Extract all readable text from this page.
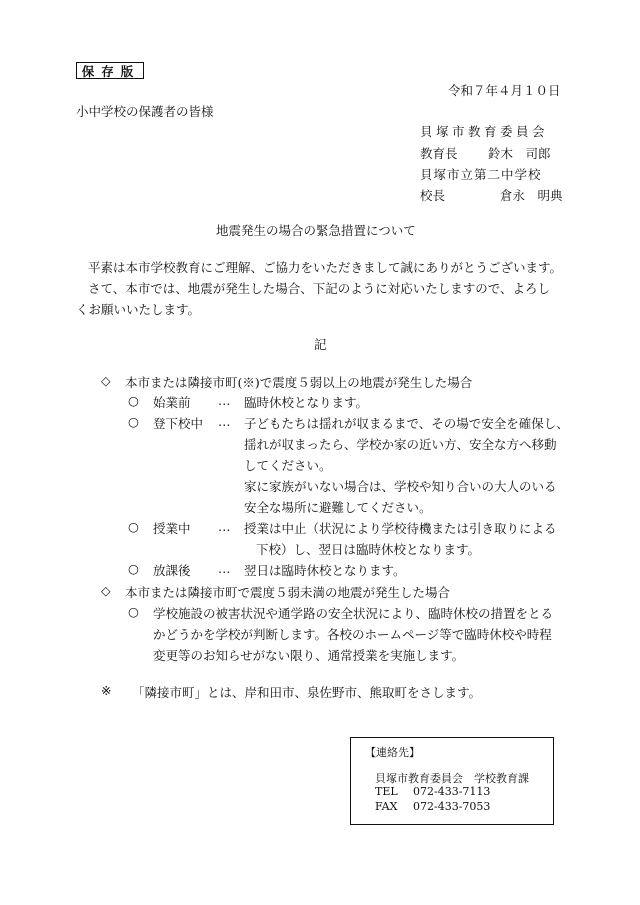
保存版
令和７年４月１０日
小中学校の保護者の皆様
貝塚市教育委員会
教育長 鈴木　司郎
貝塚市立第二中学校
校長	倉永　明典
地震発生の場合の緊急措置について
平素は本市学校教育にご理解、ご協力をいただきまして誠にありがとうございます。
さて、本市では、地震が発生した場合、下記のように対応いたしますので、よろし
くお願いいたします。
記
◇ 本市または隣接市町(※)で震度５弱以上の地震が発生した場合
○ 始業前 … 臨時休校となります。
○ 登下校中 … 子どもたちは揺れが収まるまで、その場で安全を確保し、
揺れが収まったら、学校か家の近い方、安全な方へ移動
してください。
家に家族がいない場合は、学校や知り合いの大人のいる
安全な場所に避難してください。
○ 授業中 … 授業は中止（状況により学校待機または引き取りによる
下校）し、翌日は臨時休校となります。
○ 放課後 … 翌日は臨時休校となります。
◇ 本市または隣接市町で震度５弱未満の地震が発生した場合
○ 学校施設の被害状況や通学路の安全状況により、臨時休校の措置をとる
かどうかを学校が判断します。各校のホームページ等で臨時休校や時程
変更等のお知らせがない限り、通常授業を実施します。
※ 「隣接市町」とは、岸和田市、泉佐野市、熊取町をさします。
【連絡先】
貝塚市教育委員会　学校教育課
TEL 072-433-7113
FAX 072-433-7053
